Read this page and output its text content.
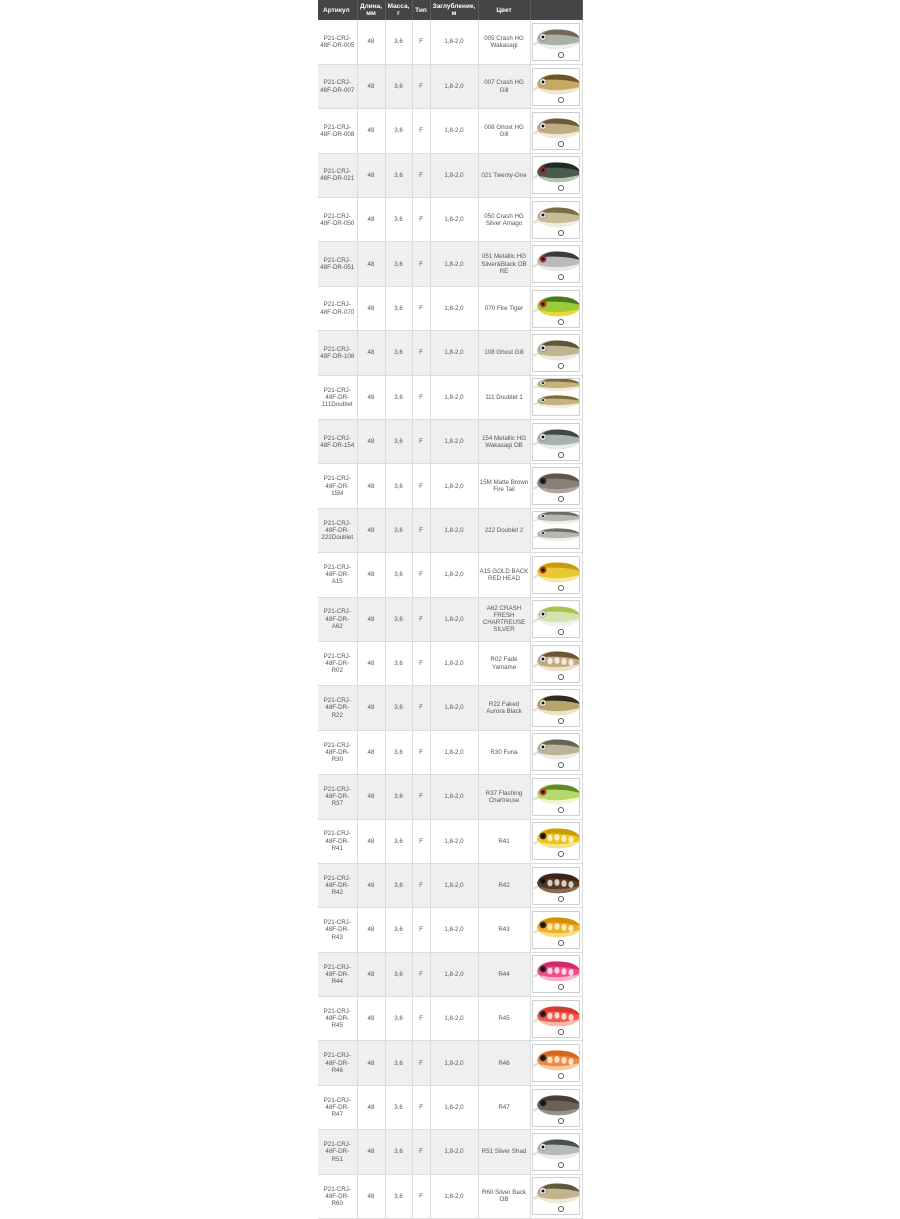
Артикул	Длина, мм	Масса, г	Тип	Заглубление, м	Цвет	
P21-CRJ-48F-DR-005	48	3,6	F	1,8-2,0	005 Crash HG Wakasagi	

P21-CRJ-48F-DR-007	48	3,6	F	1,8-2,0	007 Crash HG Gill	

P21-CRJ-48F-DR-008	48	3,6	F	1,8-2,0	008 Ghost HG Gill	

P21-CRJ-48F-DR-021	48	3,6	F	1,8-2,0	021 Twenty-One	

P21-CRJ-48F-DR-050	48	3,6	F	1,8-2,0	050 Crash HG Silver Amago	

P21-CRJ-48F-DR-051	48	3,6	F	1,8-2,0	051 Metallic HG Silver&Black OB RE	

P21-CRJ-48F-DR-070	48	3,6	F	1,8-2,0	070 Fire Tiger	

P21-CRJ-48F-DR-108	48	3,6	F	1,8-2,0	108 Ghost Gill	

P21-CRJ-48F-DR-111Doublet	48	3,6	F	1,8-2,0	111 Doublet 1	

P21-CRJ-48F-DR-154	48	3,6	F	1,8-2,0	154 Metallic HG Wakasagi OB	

P21-CRJ-48F-DR-15M	48	3,6	F	1,8-2,0	15M Matte Brown Fire Tail	

P21-CRJ-48F-DR-222Doublet	48	3,6	F	1,8-2,0	222 Doublet 2	

P21-CRJ-48F-DR-A15	48	3,6	F	1,8-2,0	A15 GOLD BACK RED HEAD	

P21-CRJ-48F-DR-A62	48	3,6	F	1,8-2,0	A62 CRASH FRESH CHARTREUSE SILVER	

P21-CRJ-48F-DR-R02	48	3,6	F	1,8-2,0	R02 Fade Yamame	

P21-CRJ-48F-DR-R22	48	3,6	F	1,8-2,0	R22 Faked Aurora Black	

P21-CRJ-48F-DR-R30	48	3,6	F	1,8-2,0	R30 Funa	

P21-CRJ-48F-DR-R37	48	3,6	F	1,8-2,0	R37 Flashing Chartreuse	

P21-CRJ-48F-DR-R41	48	3,6	F	1,8-2,0	R41	

P21-CRJ-48F-DR-R42	48	3,6	F	1,8-2,0	R42	

P21-CRJ-48F-DR-R43	48	3,6	F	1,8-2,0	R43	

P21-CRJ-48F-DR-R44	48	3,6	F	1,8-2,0	R44	

P21-CRJ-48F-DR-R45	48	3,6	F	1,8-2,0	R45	

P21-CRJ-48F-DR-R46	48	3,6	F	1,8-2,0	R46	

P21-CRJ-48F-DR-R47	48	3,6	F	1,8-2,0	R47	

P21-CRJ-48F-DR-R51	48	3,6	F	1,8-2,0	R51 Silver Shad	

P21-CRJ-48F-DR-R60	48	3,6	F	1,8-2,0	R60 Silver Back OB	
